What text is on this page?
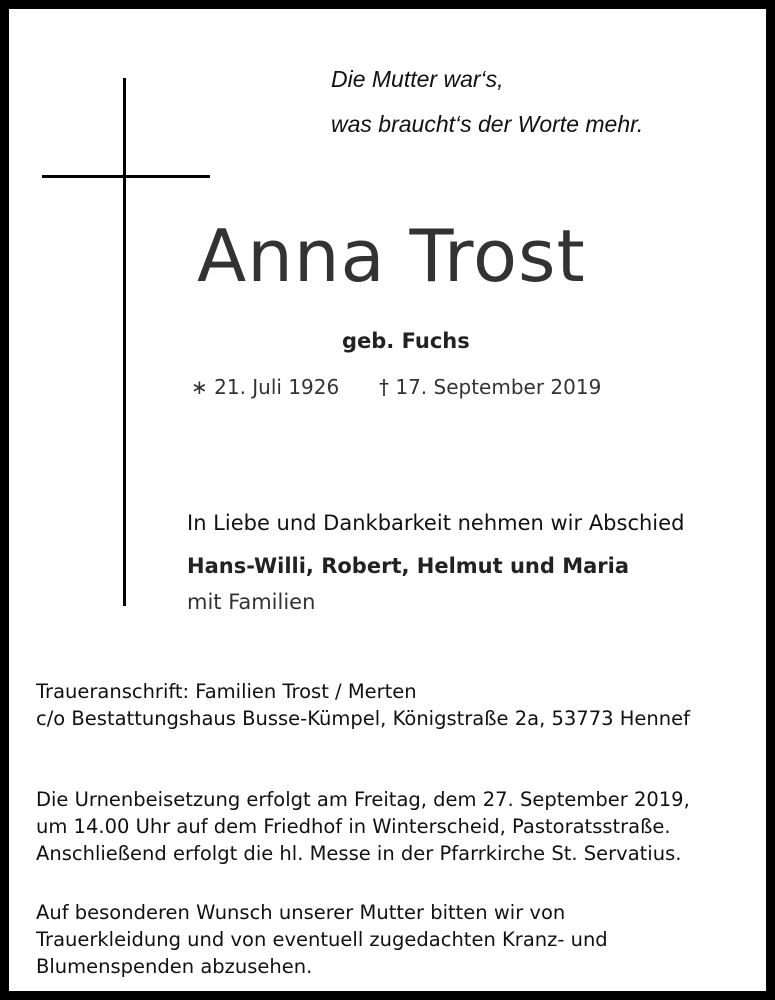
Die Mutter war‘s,
was braucht‘s der Worte mehr.
Anna Trost
geb. Fuchs
∗ 21. Juli 1926 † 17. September 2019
In Liebe und Dankbarkeit nehmen wir Abschied
Hans-Willi, Robert, Helmut und Maria
mit Familien
Traueranschrift: Familien Trost / Merten
c/o Bestattungshaus Busse-Kümpel, Königstraße 2a, 53773 Hennef
Die Urnenbeisetzung erfolgt am Freitag, dem 27. September 2019,
um 14.00 Uhr auf dem Friedhof in Winterscheid, Pastoratsstraße.
Anschließend erfolgt die hl. Messe in der Pfarrkirche St. Servatius.
Auf besonderen Wunsch unserer Mutter bitten wir von
Trauerkleidung und von eventuell zugedachten Kranz- und
Blumenspenden abzusehen.
